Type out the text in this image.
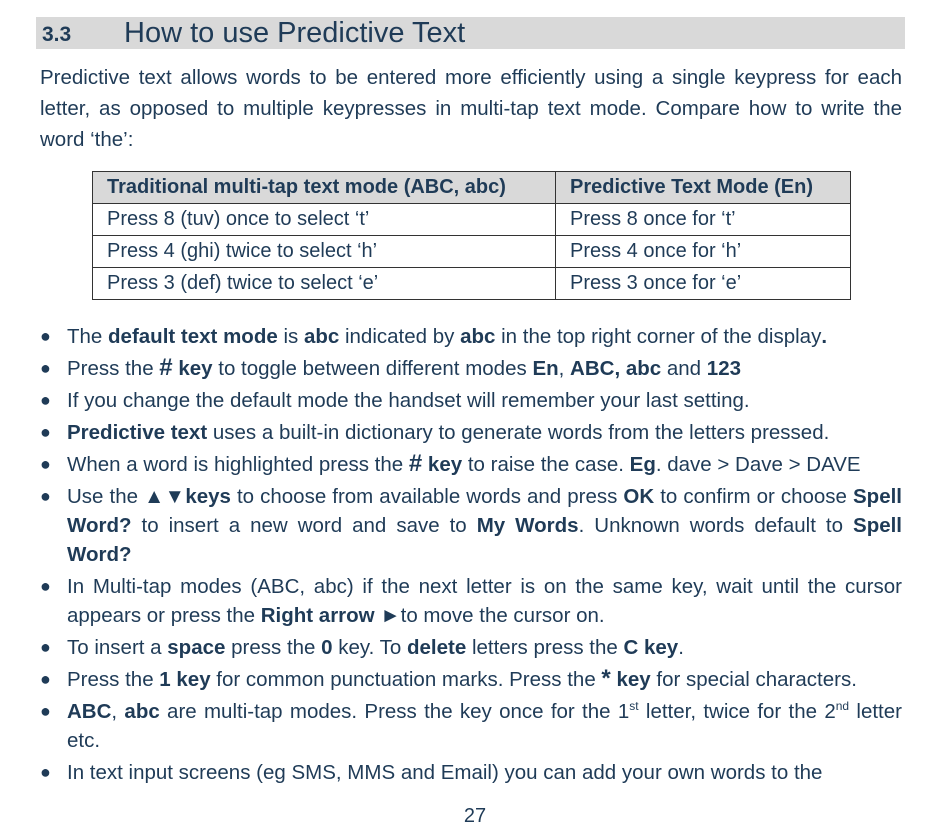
3.3 How to use Predictive Text
Predictive text allows words to be entered more efficiently using a single keypress for each letter, as opposed to multiple keypresses in multi-tap text mode. Compare how to write the word ‘the’:
Traditional multi-tap text mode (ABC, abc)	Predictive Text Mode (En)
Press 8 (tuv) once to select ‘t’	Press 8 once for ‘t’
Press 4 (ghi) twice to select ‘h’	Press 4 once for ‘h’
Press 3 (def) twice to select ‘e’	Press 3 once for ‘e’
● The default text mode is abc indicated by abc in the top right corner of the display.
● Press the # key to toggle between different modes En, ABC, abc and 123
● If you change the default mode the handset will remember your last setting.
● Predictive text uses a built-in dictionary to generate words from the letters pressed.
● When a word is highlighted press the # key to raise the case. Eg. dave > Dave > DAVE
● Use the ▲▼keys to choose from available words and press OK to confirm or choose Spell Word? to insert a new word and save to My Words. Unknown words default to Spell Word?
● In Multi-tap modes (ABC, abc) if the next letter is on the same key, wait until the cursor appears or press the Right arrow ►to move the cursor on.
● To insert a space press the 0 key. To delete letters press the C key.
● Press the 1 key for common punctuation marks. Press the * key for special characters.
● ABC, abc are multi-tap modes. Press the key once for the 1st letter, twice for the 2nd letter etc.
● In text input screens (eg SMS, MMS and Email) you can add your own words to the
27
